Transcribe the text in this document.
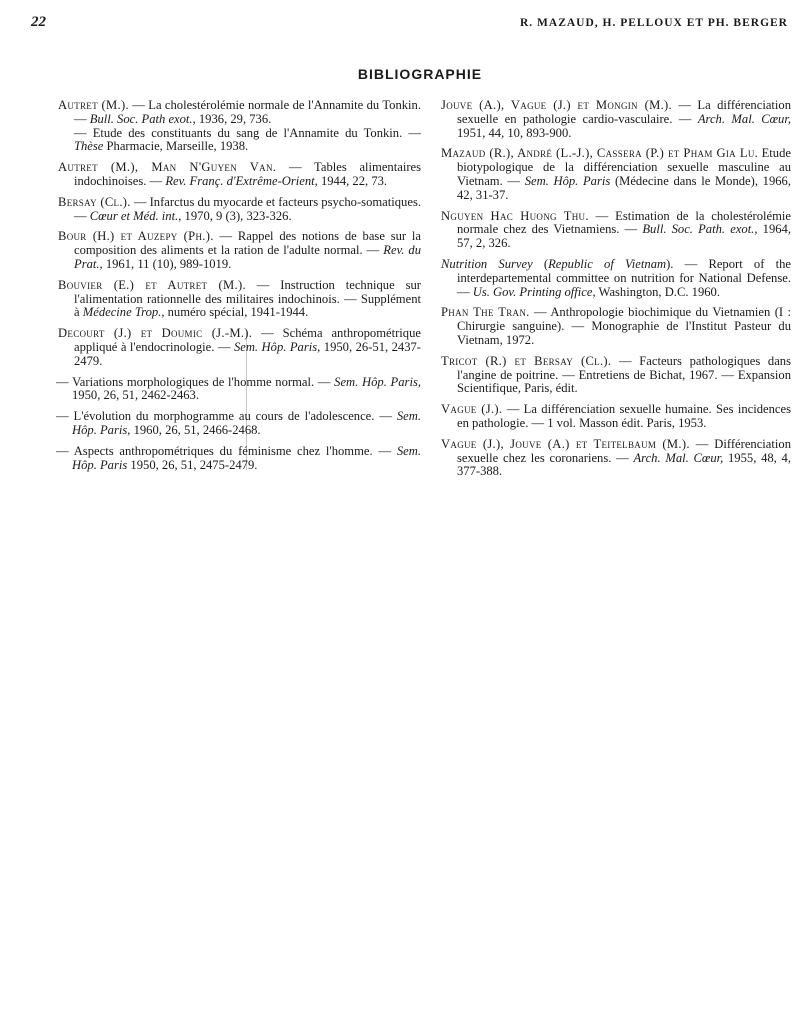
22	R. MAZAUD, H. PELLOUX ET PH. BERGER
BIBLIOGRAPHIE
Autret (M.). — La cholestérolémie normale de l'Annamite du Tonkin. — Bull. Soc. Path exot., 1936, 29, 736.
— Etude des constituants du sang de l'Annamite du Tonkin. — Thèse Pharmacie, Marseille, 1938.
Autret (M.), Man N'Guyen Van. — Tables alimentaires indochinoises. — Rev. Franç. d'Extrême-Orient, 1944, 22, 73.
Bersay (Cl.). — Infarctus du myocarde et facteurs psycho-somatiques. — Cœur et Méd. int., 1970, 9 (3), 323-326.
Bour (H.) et Auzepy (Ph.). — Rappel des notions de base sur la composition des aliments et la ration de l'adulte normal. — Rev. du Prat., 1961, 11 (10), 989-1019.
Bouvier (E.) et Autret (M.). — Instruction technique sur l'alimentation rationnelle des militaires indochinois. — Supplément à Médecine Trop., numéro spécial, 1941-1944.
Decourt (J.) et Doumic (J.-M.). — Schéma anthropométrique appliqué à l'endocrinologie. — Sem. Hôp. Paris, 1950, 26-51, 2437-2479.
— Variations morphologiques de l'homme normal. — Sem. Hôp. Paris, 1950, 26, 51, 2462-2463.
— L'évolution du morphogramme au cours de l'adolescence. — Sem. Hôp. Paris, 1960, 26, 51, 2466-2468.
— Aspects anthropométriques du féminisme chez l'homme. — Sem. Hôp. Paris 1950, 26, 51, 2475-2479.
Jouve (A.), Vague (J.) et Mongin (M.). — La différenciation sexuelle en pathologie cardio-vasculaire. — Arch. Mal. Cœur, 1951, 44, 10, 893-900.
Mazaud (R.), André (L.-J.), Cassera (P.) et Pham Gia Lu. Etude biotypologique de la différenciation sexuelle masculine au Vietnam. — Sem. Hôp. Paris (Médecine dans le Monde), 1966, 42, 31-37.
Nguyen Hac Huong Thu. — Estimation de la cholestérolémie normale chez des Vietnamiens. — Bull. Soc. Path. exot., 1964, 57, 2, 326.
Nutrition Survey (Republic of Vietnam). — Report of the interdepartemental committee on nutrition for National Defense. — Us. Gov. Printing office, Washington, D.C. 1960.
Phan The Tran. — Anthropologie biochimique du Vietnamien (I : Chirurgie sanguine). — Monographie de l'Institut Pasteur du Vietnam, 1972.
Tricot (R.) et Bersay (Cl.). — Facteurs pathologiques dans l'angine de poitrine. — Entretiens de Bichat, 1967. — Expansion Scientifique, Paris, édit.
Vague (J.). — La différenciation sexuelle humaine. Ses incidences en pathologie. — 1 vol. Masson édit. Paris, 1953.
Vague (J.), Jouve (A.) et Teitelbaum (M.). — Différenciation sexuelle chez les coronariens. — Arch. Mal. Cœur, 1955, 48, 4, 377-388.
